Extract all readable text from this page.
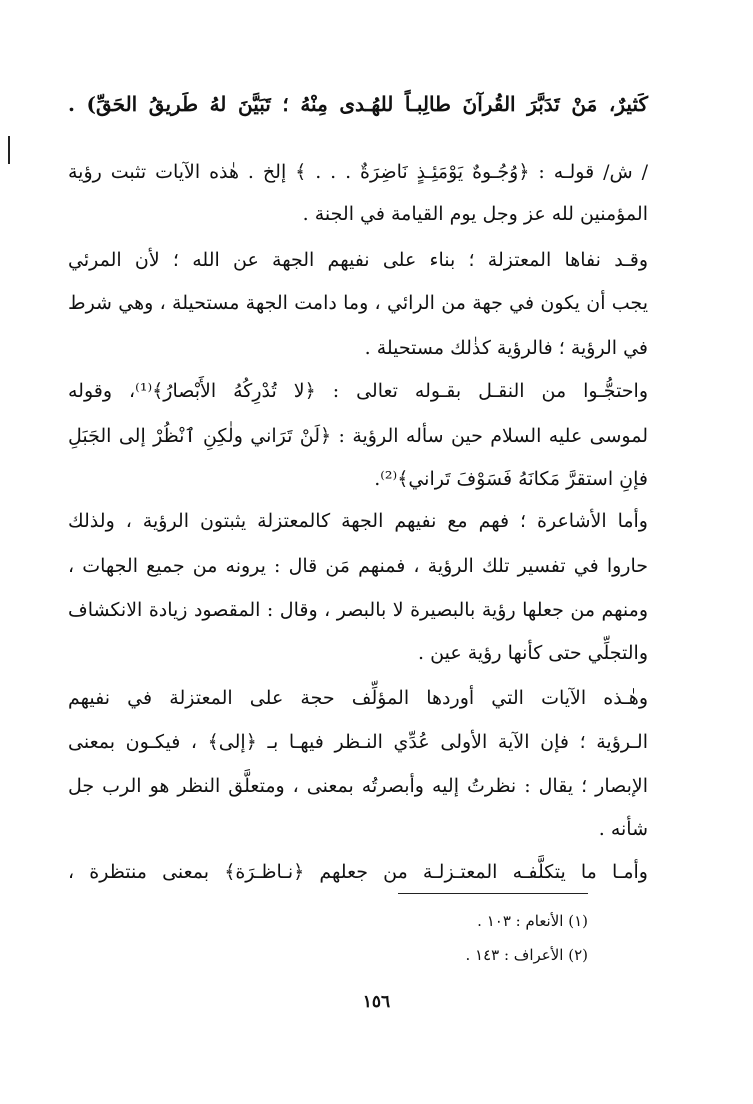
كَثيرٌ، مَنْ تَدَبَّرَ القُرآنَ طالِبـاً للهُـدى مِنْهُ ؛ تَبَيَّنَ لهُ طَريقُ الحَقِّ) .
/ ش/ قولـه : ﴿وُجُـوهٌ يَوْمَئِـذٍ نَاضِرَةٌ . . . ﴾ إلخ . هٰذه الآيات تثبت رؤية
المؤمنين لله عز وجل يوم القيامة في الجنة .
وقـد نفاها المعتزلة ؛ بناء على نفيهم الجهة عن الله ؛ لأن المرئي
يجب أن يكون في جهة من الرائي ، وما دامت الجهة مستحيلة ، وهي شرط
في الرؤية ؛ فالرؤية كذٰلك مستحيلة .
واحتجُّـوا من النقـل بقـوله تعالى : ﴿لا تُدْرِكُهُ الأَبْصارُ﴾⁽¹⁾، وقوله
لموسى عليه السلام حين سأله الرؤية : ﴿لَنْ تَرَاني ولٰكِنِ ٱنْظُرْ إلى الجَبَلِ
فإنِ استقرَّ مَكانَهُ فَسَوْفَ تَراني﴾⁽²⁾.
وأما الأشاعرة ؛ فهم مع نفيهم الجهة كالمعتزلة يثبتون الرؤية ، ولذلك
حاروا في تفسير تلك الرؤية ، فمنهم مَن قال : يرونه من جميع الجهات ،
ومنهم من جعلها رؤية بالبصيرة لا بالبصر ، وقال : المقصود زيادة الانكشاف
والتجلِّي حتى كأنها رؤية عين .
وهٰـذه الآيات التي أوردها المؤلِّف حجة على المعتزلة في نفيهم
الـرؤية ؛ فإن الآية الأولى عُدِّي النـظر فيهـا بـ ﴿إلى﴾ ، فيكـون بمعنى
الإبصار ؛ يقال : نظرتُ إليه وأبصرتُه بمعنى ، ومتعلَّق النظر هو الرب جل
شأنه .
وأمـا ما يتكلَّفـه المعتـزلـة من جعلهم ﴿نـاظـرَة﴾ بمعنى منتظرة ،
(١) الأنعام : ١٠٣ .
(٢) الأعراف : ١٤٣ .
١٥٦
